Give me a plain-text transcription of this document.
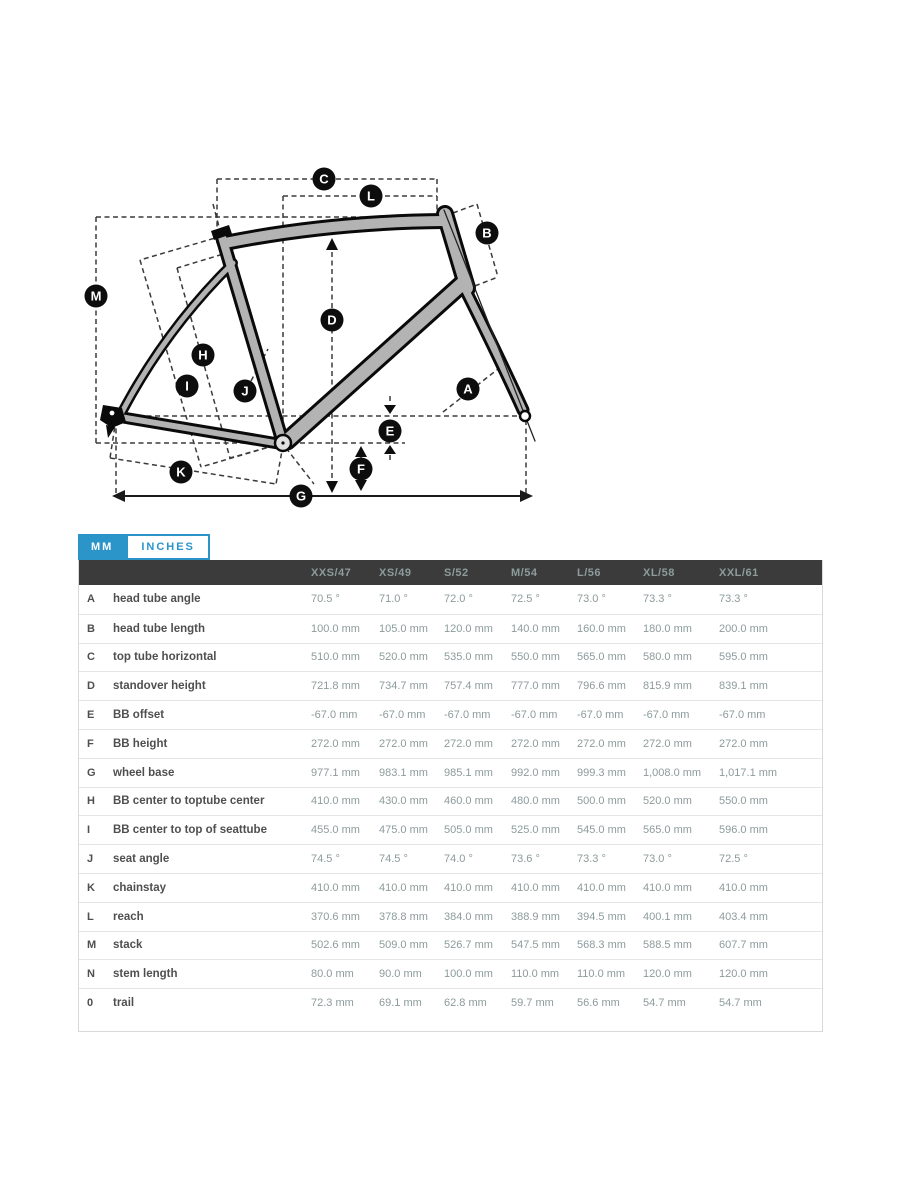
C
L
B
M
D
H
I	J	A
E
F
K
G
MM	INCHES
XXS/47	XS/49	S/52	M/54	L/56	XL/58	XXL/61
A	head tube angle	70.5 °	71.0 °	72.0 °	72.5 °	73.0 °	73.3 °	73.3 °
B	head tube length	100.0 mm	105.0 mm	120.0 mm	140.0 mm	160.0 mm	180.0 mm	200.0 mm
C	top tube horizontal	510.0 mm	520.0 mm	535.0 mm	550.0 mm	565.0 mm	580.0 mm	595.0 mm
D	standover height	721.8 mm	734.7 mm	757.4 mm	777.0 mm	796.6 mm	815.9 mm	839.1 mm
E	BB offset	-67.0 mm	-67.0 mm	-67.0 mm	-67.0 mm	-67.0 mm	-67.0 mm	-67.0 mm
F	BB height	272.0 mm	272.0 mm	272.0 mm	272.0 mm	272.0 mm	272.0 mm	272.0 mm
G	wheel base	977.1 mm	983.1 mm	985.1 mm	992.0 mm	999.3 mm	1,008.0 mm	1,017.1 mm
H	BB center to toptube center	410.0 mm	430.0 mm	460.0 mm	480.0 mm	500.0 mm	520.0 mm	550.0 mm
I	BB center to top of seattube	455.0 mm	475.0 mm	505.0 mm	525.0 mm	545.0 mm	565.0 mm	596.0 mm
J	seat angle	74.5 °	74.5 °	74.0 °	73.6 °	73.3 °	73.0 °	72.5 °
K	chainstay	410.0 mm	410.0 mm	410.0 mm	410.0 mm	410.0 mm	410.0 mm	410.0 mm
L	reach	370.6 mm	378.8 mm	384.0 mm	388.9 mm	394.5 mm	400.1 mm	403.4 mm
M	stack	502.6 mm	509.0 mm	526.7 mm	547.5 mm	568.3 mm	588.5 mm	607.7 mm
N	stem length	80.0 mm	90.0 mm	100.0 mm	110.0 mm	110.0 mm	120.0 mm	120.0 mm
0	trail	72.3 mm	69.1 mm	62.8 mm	59.7 mm	56.6 mm	54.7 mm	54.7 mm
